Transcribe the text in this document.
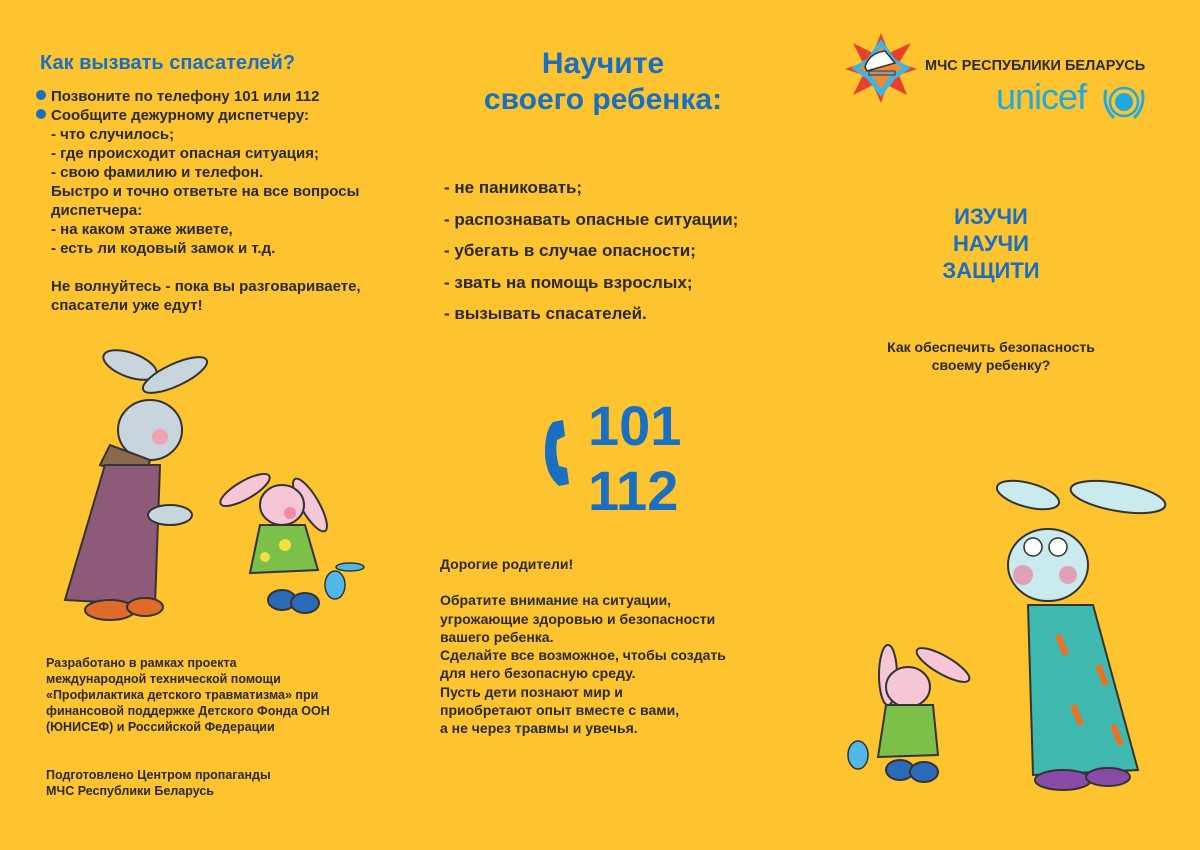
Как вызвать спасателей?
Позвоните по телефону 101 или 112
Сообщите дежурному диспетчеру:
- что случилось;
- где происходит опасная ситуация;
- свою фамилию и телефон.
Быстро и точно ответьте на все вопросы
диспетчера:
- на каком этаже живете,
- есть ли кодовый замок и т.д.
Не волнуйтесь - пока вы разговариваете,
спасатели уже едут!
Разработано в рамках проекта
международной технической помощи
«Профилактика детского травматизма» при
финансовой поддержке Детского Фонда ООН
(ЮНИСЕФ) и Российской Федерации
Подготовлено Центром пропаганды
МЧС Республики Беларусь
Научите
своего ребенка:
- не паниковать;
- распознавать опасные ситуации;
- убегать в случае опасности;
- звать на помощь взрослых;
- вызывать спасателей.
101
112
Дорогие родители!
Обратите внимание на ситуации,
угрожающие здоровью и безопасности
вашего ребенка.
Сделайте все возможное, чтобы создать
для него безопасную среду.
Пусть дети познают мир и
приобретают опыт вместе с вами,
а не через травмы и увечья.
МЧС РЕСПУБЛИКИ БЕЛАРУСЬ
unicef
ИЗУЧИ
НАУЧИ
ЗАЩИТИ
Как обеспечить безопасность
своему ребенку?
